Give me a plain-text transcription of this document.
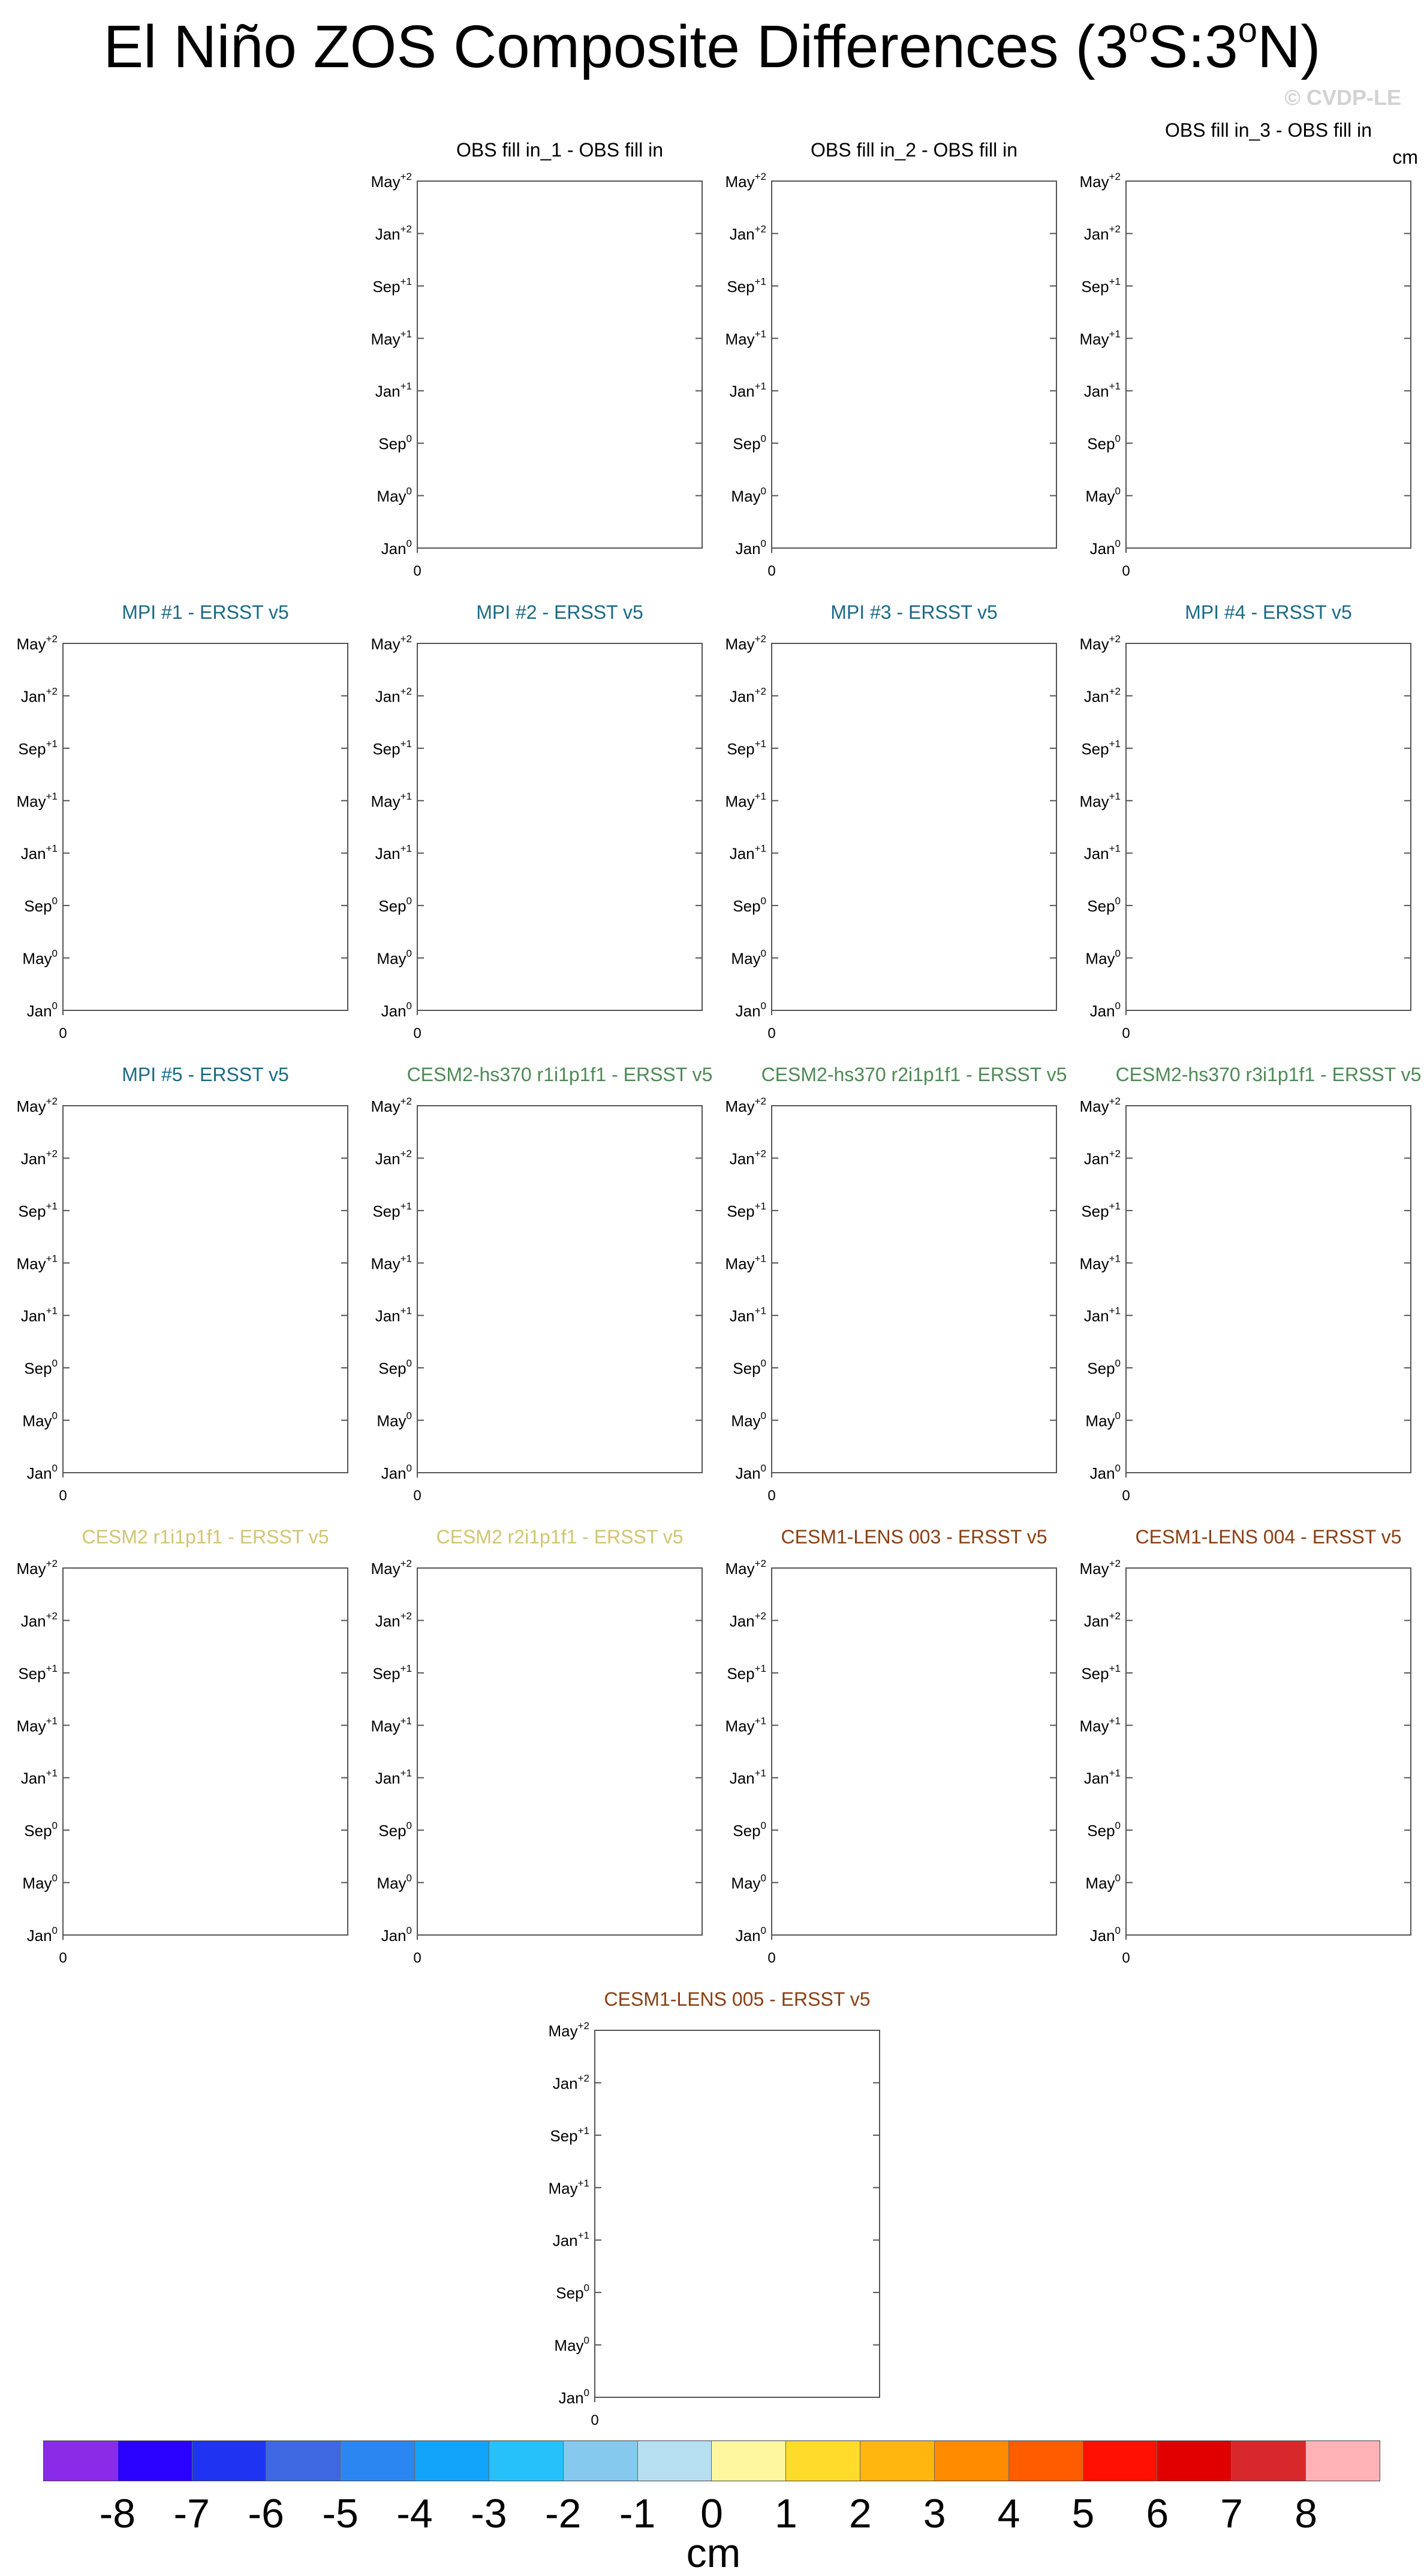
El Niño ZOS Composite Differences (3$^o$S:3$^o$N)
© CVDP-LE
cm
OBS fill in_1 - OBS fill in
Jan$^0$
May$^0$
Sep$^0$
Jan$^{+1}$
May$^{+1}$
Sep$^{+1}$
Jan$^{+2}$
May$^{+2}$
0
OBS fill in_2 - OBS fill in
Jan$^0$
May$^0$
Sep$^0$
Jan$^{+1}$
May$^{+1}$
Sep$^{+1}$
Jan$^{+2}$
May$^{+2}$
0
OBS fill in_3 - OBS fill in
Jan$^0$
May$^0$
Sep$^0$
Jan$^{+1}$
May$^{+1}$
Sep$^{+1}$
Jan$^{+2}$
May$^{+2}$
0
MPI #1 - ERSST v5
Jan$^0$
May$^0$
Sep$^0$
Jan$^{+1}$
May$^{+1}$
Sep$^{+1}$
Jan$^{+2}$
May$^{+2}$
0
MPI #2 - ERSST v5
Jan$^0$
May$^0$
Sep$^0$
Jan$^{+1}$
May$^{+1}$
Sep$^{+1}$
Jan$^{+2}$
May$^{+2}$
0
MPI #3 - ERSST v5
Jan$^0$
May$^0$
Sep$^0$
Jan$^{+1}$
May$^{+1}$
Sep$^{+1}$
Jan$^{+2}$
May$^{+2}$
0
MPI #4 - ERSST v5
Jan$^0$
May$^0$
Sep$^0$
Jan$^{+1}$
May$^{+1}$
Sep$^{+1}$
Jan$^{+2}$
May$^{+2}$
0
MPI #5 - ERSST v5
Jan$^0$
May$^0$
Sep$^0$
Jan$^{+1}$
May$^{+1}$
Sep$^{+1}$
Jan$^{+2}$
May$^{+2}$
0
CESM2-hs370 r1i1p1f1 - ERSST v5
Jan$^0$
May$^0$
Sep$^0$
Jan$^{+1}$
May$^{+1}$
Sep$^{+1}$
Jan$^{+2}$
May$^{+2}$
0
CESM2-hs370 r2i1p1f1 - ERSST v5
Jan$^0$
May$^0$
Sep$^0$
Jan$^{+1}$
May$^{+1}$
Sep$^{+1}$
Jan$^{+2}$
May$^{+2}$
0
CESM2-hs370 r3i1p1f1 - ERSST v5
Jan$^0$
May$^0$
Sep$^0$
Jan$^{+1}$
May$^{+1}$
Sep$^{+1}$
Jan$^{+2}$
May$^{+2}$
0
CESM2 r1i1p1f1 - ERSST v5
Jan$^0$
May$^0$
Sep$^0$
Jan$^{+1}$
May$^{+1}$
Sep$^{+1}$
Jan$^{+2}$
May$^{+2}$
0
CESM2 r2i1p1f1 - ERSST v5
Jan$^0$
May$^0$
Sep$^0$
Jan$^{+1}$
May$^{+1}$
Sep$^{+1}$
Jan$^{+2}$
May$^{+2}$
0
CESM1-LENS 003 - ERSST v5
Jan$^0$
May$^0$
Sep$^0$
Jan$^{+1}$
May$^{+1}$
Sep$^{+1}$
Jan$^{+2}$
May$^{+2}$
0
CESM1-LENS 004 - ERSST v5
Jan$^0$
May$^0$
Sep$^0$
Jan$^{+1}$
May$^{+1}$
Sep$^{+1}$
Jan$^{+2}$
May$^{+2}$
0
CESM1-LENS 005 - ERSST v5
Jan$^0$
May$^0$
Sep$^0$
Jan$^{+1}$
May$^{+1}$
Sep$^{+1}$
Jan$^{+2}$
May$^{+2}$
0
-8 -7 -6 -5 -4 -3 -2 -1	0	1	2	3	4	5	6	7	8
cm
